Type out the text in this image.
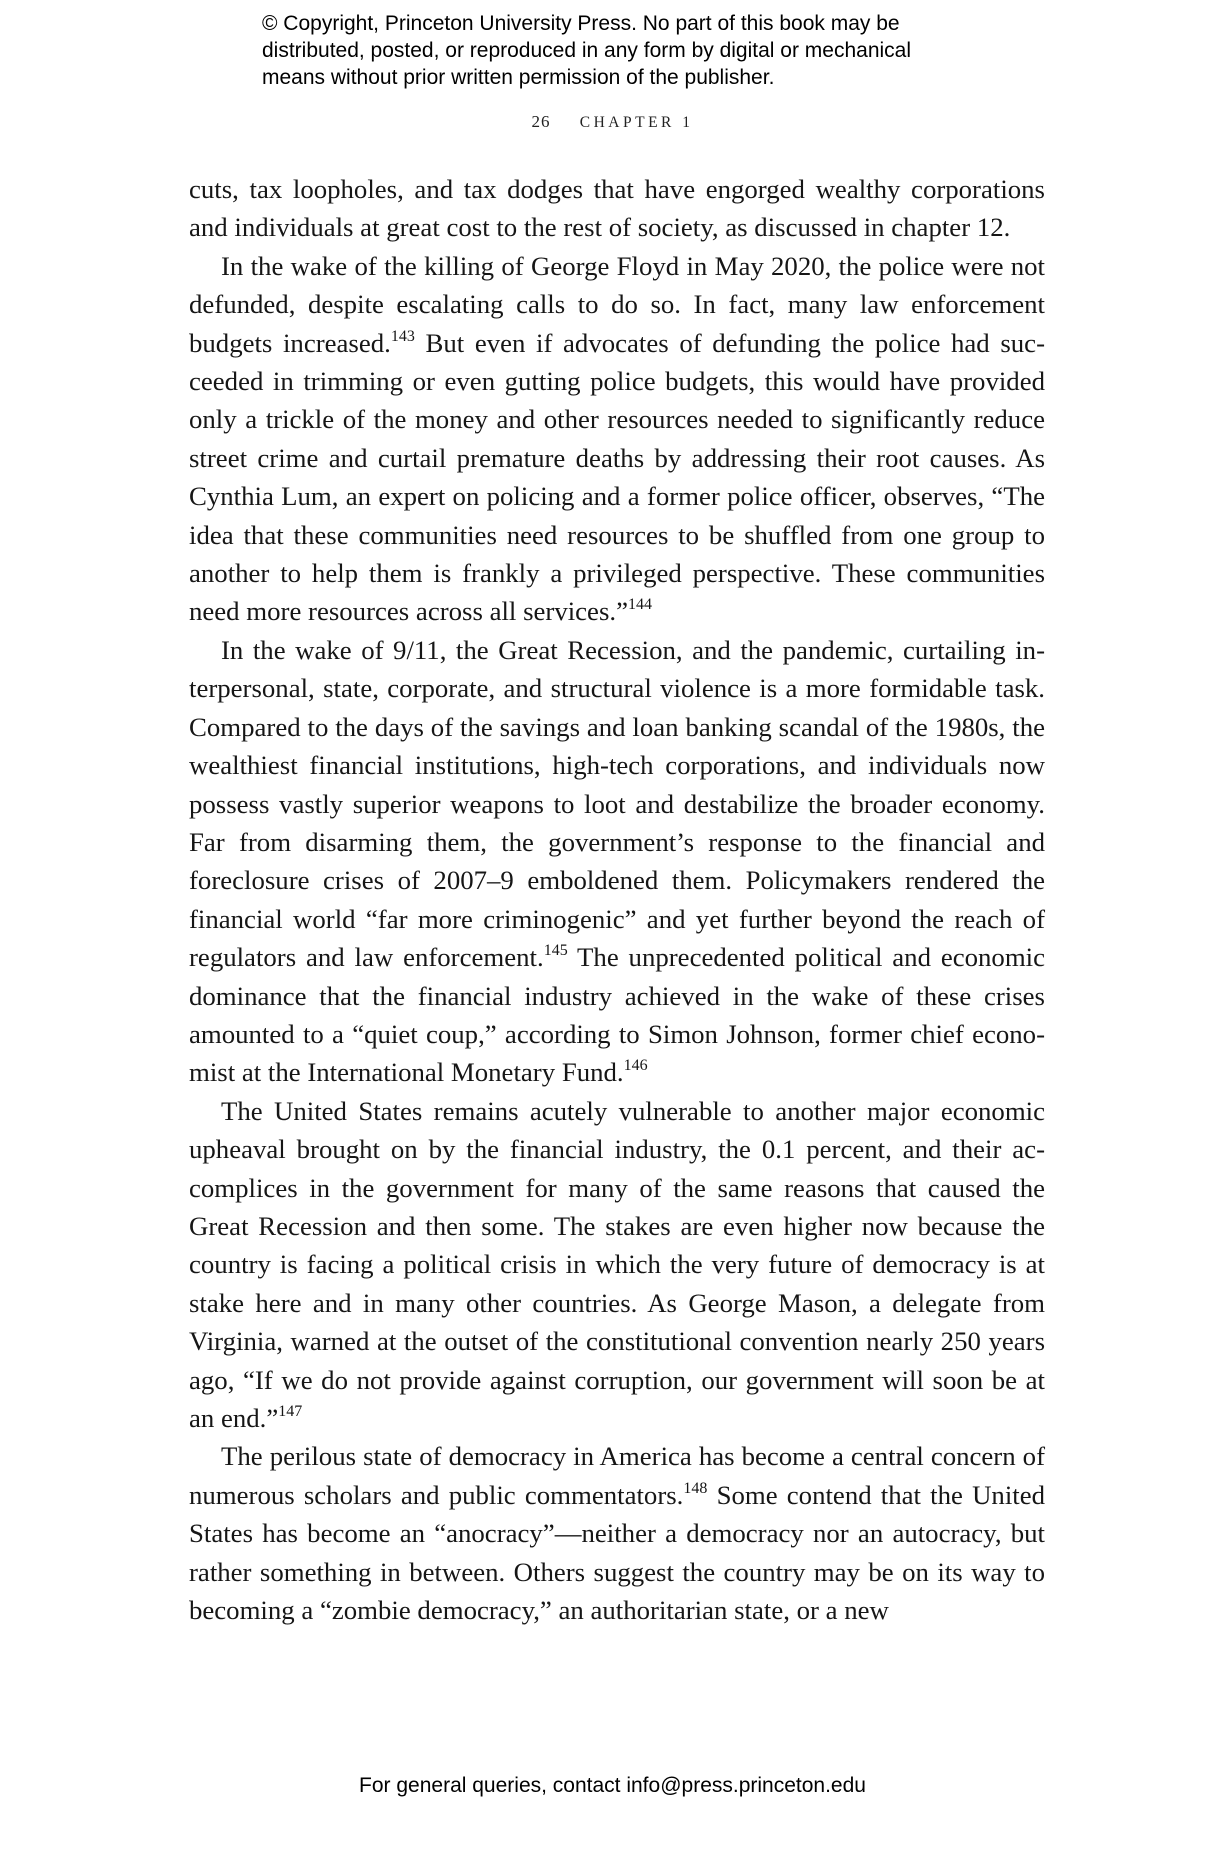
© Copyright, Princeton University Press. No part of this book may be

distributed, posted, or reproduced in any form by digital or mechanical

means without prior written permission of the publisher.

26 CHAPTER 1

cuts, tax loopholes, and tax dodges that have engorged wealthy corporations and individuals at great cost to the rest of society, as discussed in chapter 12.

In the wake of the killing of George Floyd in May 2020, the police were not defunded, despite escalating calls to do so. In fact, many law enforcement budgets increased.$^{143}$ But even if advocates of defunding the police had succeeded in trimming or even gutting police budgets, this would have provided only a trickle of the money and other resources needed to significantly reduce street crime and curtail premature deaths by addressing their root causes. As Cynthia Lum, an expert on policing and a former police officer, observes, “The idea that these communities need resources to be shuffled from one group to another to help them is frankly a privileged perspective. These communities need more resources across all services.”$^{144}$

In the wake of 9/11, the Great Recession, and the pandemic, curtailing interpersonal, state, corporate, and structural violence is a more formidable task. Compared to the days of the savings and loan banking scandal of the 1980s, the wealthiest financial institutions, high-tech corporations, and individuals now possess vastly superior weapons to loot and destabilize the broader economy. Far from disarming them, the government’s response to the financial and foreclosure crises of 2007–9 emboldened them. Policymakers rendered the financial world “far more criminogenic” and yet further beyond the reach of regulators and law enforcement.$^{145}$ The unprecedented political and economic dominance that the financial industry achieved in the wake of these crises amounted to a “quiet coup,” according to Simon Johnson, former chief economist at the International Monetary Fund.$^{146}$

The United States remains acutely vulnerable to another major economic upheaval brought on by the financial industry, the 0.1 percent, and their accomplices in the government for many of the same reasons that caused the Great Recession and then some. The stakes are even higher now because the country is facing a political crisis in which the very future of democracy is at stake here and in many other countries. As George Mason, a delegate from Virginia, warned at the outset of the constitutional convention nearly 250 years ago, “If we do not provide against corruption, our government will soon be at an end.”$^{147}$

The perilous state of democracy in America has become a central concern of numerous scholars and public commentators.$^{148}$ Some contend that the United States has become an “anocracy”—neither a democracy nor an autocracy, but rather something in between. Others suggest the country may be on its way to becoming a “zombie democracy,” an authoritarian state, or a new

For general queries, contact info@press.princeton.edu
